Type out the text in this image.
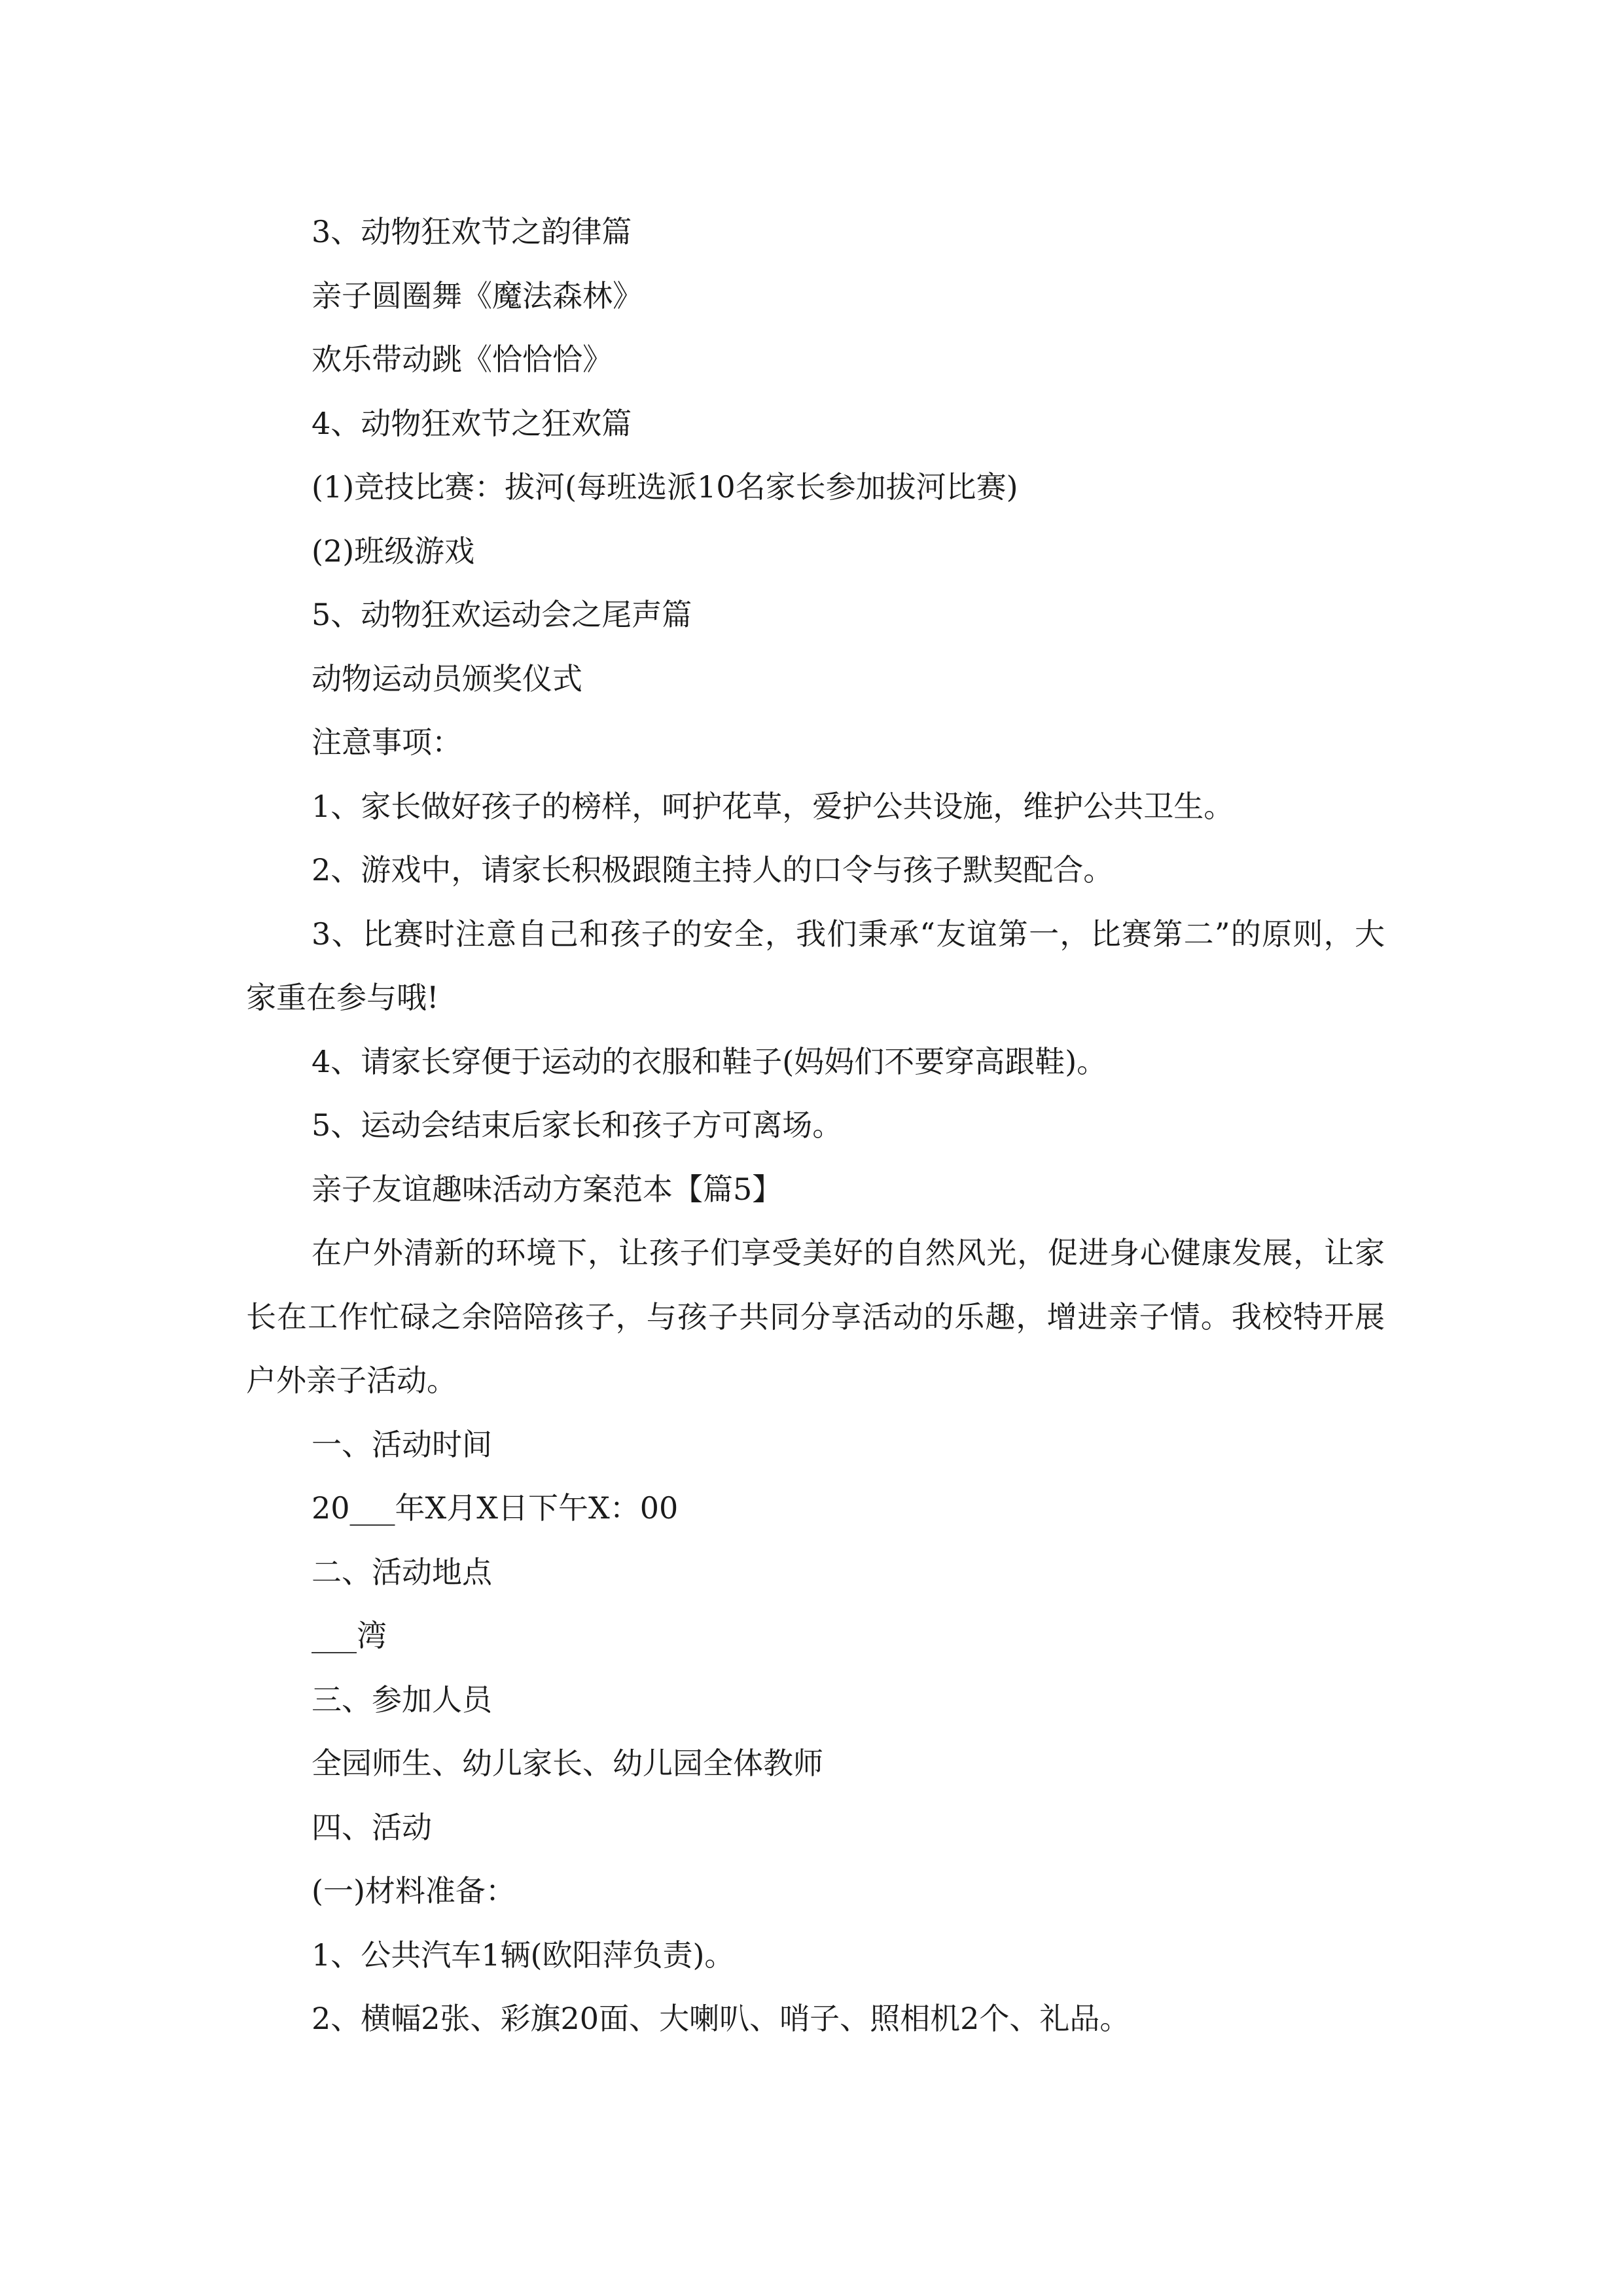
3、动物狂欢节之韵律篇

亲子圆圈舞《魔法森林》

欢乐带动跳《恰恰恰》

4、动物狂欢节之狂欢篇

(1)竞技比赛：拔河(每班选派10名家长参加拔河比赛)

(2)班级游戏

5、动物狂欢运动会之尾声篇

动物运动员颁奖仪式

注意事项：

1、家长做好孩子的榜样，呵护花草，爱护公共设施，维护公共卫生。

2、游戏中，请家长积极跟随主持人的口令与孩子默契配合。

3、比赛时注意自己和孩子的安全，我们秉承“友谊第一，比赛第二”的原则，大家重在参与哦!

4、请家长穿便于运动的衣服和鞋子(妈妈们不要穿高跟鞋)。

5、运动会结束后家长和孩子方可离场。

亲子友谊趣味活动方案范本【篇5】

在户外清新的环境下，让孩子们享受美好的自然风光，促进身心健康发展，让家长在工作忙碌之余陪陪孩子，与孩子共同分享活动的乐趣，增进亲子情。我校特开展户外亲子活动。

一、活动时间

20___年X月X日下午X：00

二、活动地点

___湾

三、参加人员

全园师生、幼儿家长、幼儿园全体教师

四、活动

(一)材料准备：

1、公共汽车1辆(欧阳萍负责)。

2、横幅2张、彩旗20面、大喇叭、哨子、照相机2个、礼品。
